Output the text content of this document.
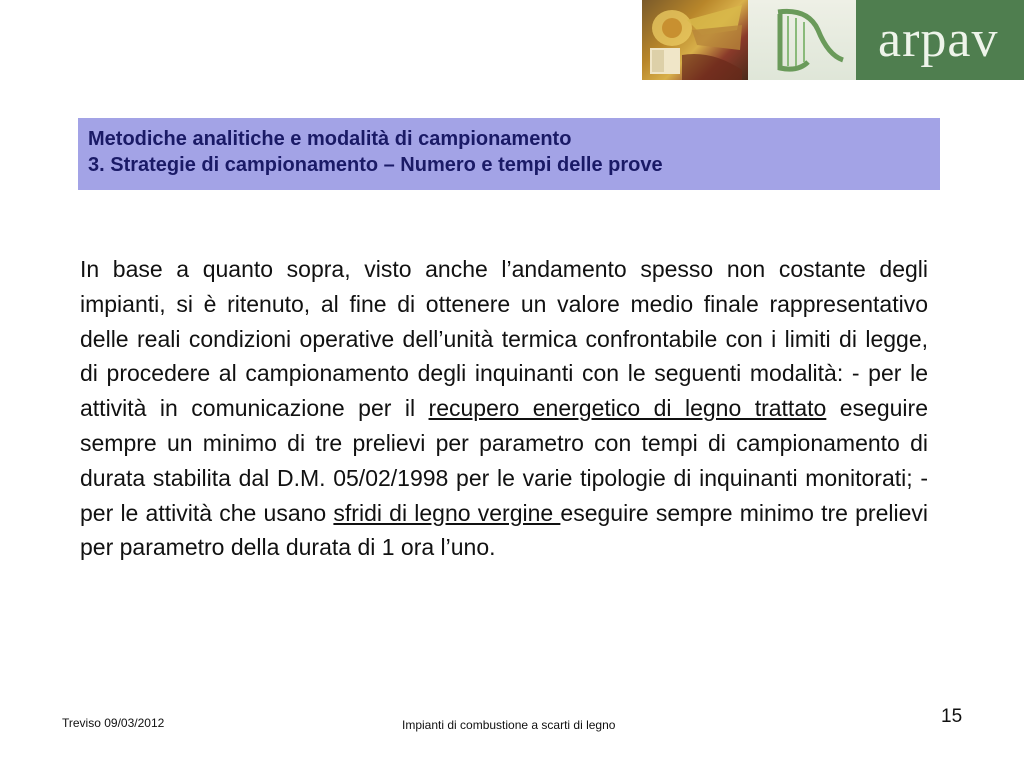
arpav
Metodiche analitiche e modalità di campionamento
3. Strategie di campionamento – Numero e tempi delle prove

In base a quanto sopra, visto anche l’andamento spesso non costante degli impianti, si è ritenuto, al fine di ottenere un valore medio finale rappresentativo delle reali condizioni operative dell’unità termica confrontabile con i limiti di legge, di procedere al campionamento degli inquinanti con le seguenti modalità: - per le attività in comunicazione per il recupero energetico di legno trattato eseguire sempre un minimo di tre prelievi per parametro con tempi di campionamento di durata stabilita dal D.M. 05/02/1998 per le varie tipologie di inquinanti monitorati; - per le attività che usano sfridi di legno vergine eseguire sempre minimo tre prelievi per parametro della durata di 1 ora l’uno.

Treviso 09/03/2012	Impianti di combustione a scarti di legno	15
